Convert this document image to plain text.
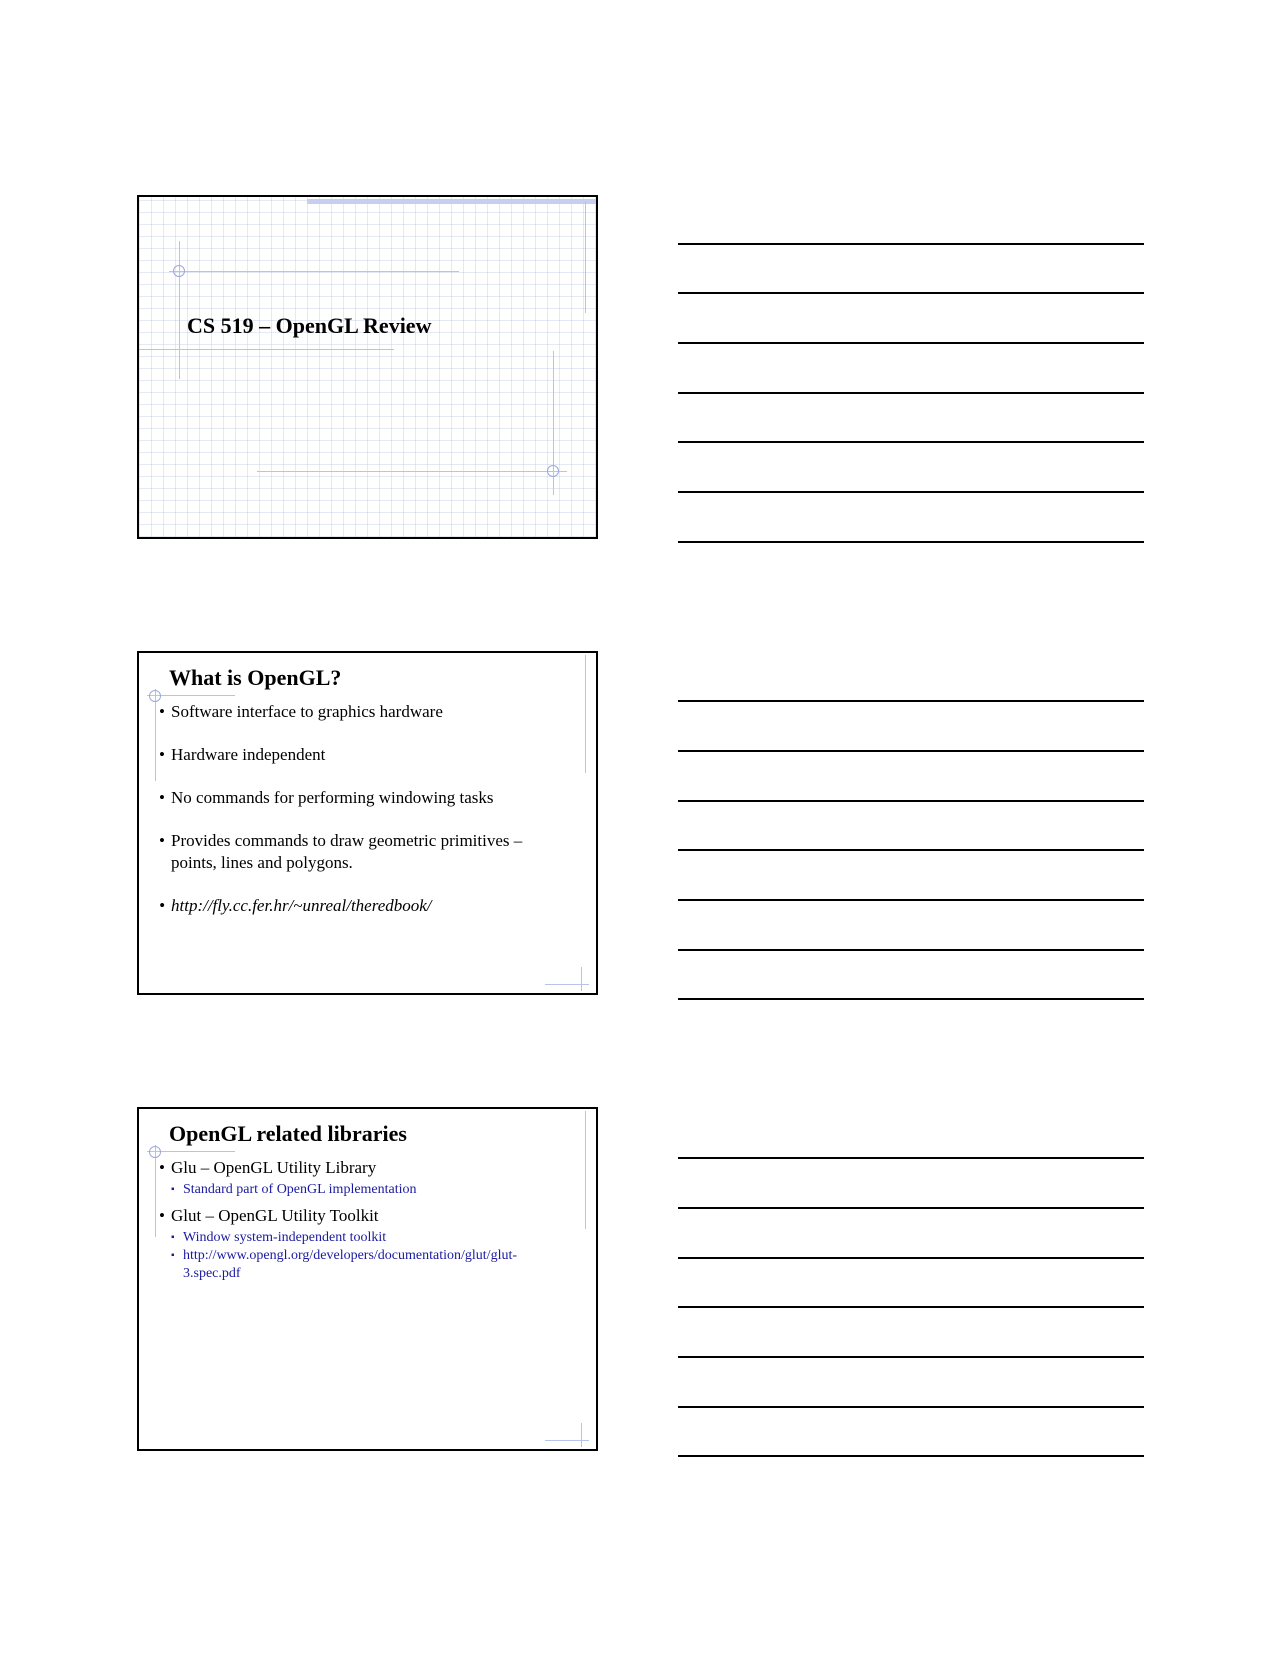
CS 519 – OpenGL Review
What is OpenGL?
• Software interface to graphics hardware
• Hardware independent
• No commands for performing windowing tasks
• Provides commands to draw geometric primitives – points, lines and polygons.
• http://fly.cc.fer.hr/~unreal/theredbook/
OpenGL related libraries
• Glu – OpenGL Utility Library
▪ Standard part of OpenGL implementation
• Glut – OpenGL Utility Toolkit
▪ Window system-independent toolkit
▪ http://www.opengl.org/developers/documentation/glut/glut-3.spec.pdf
